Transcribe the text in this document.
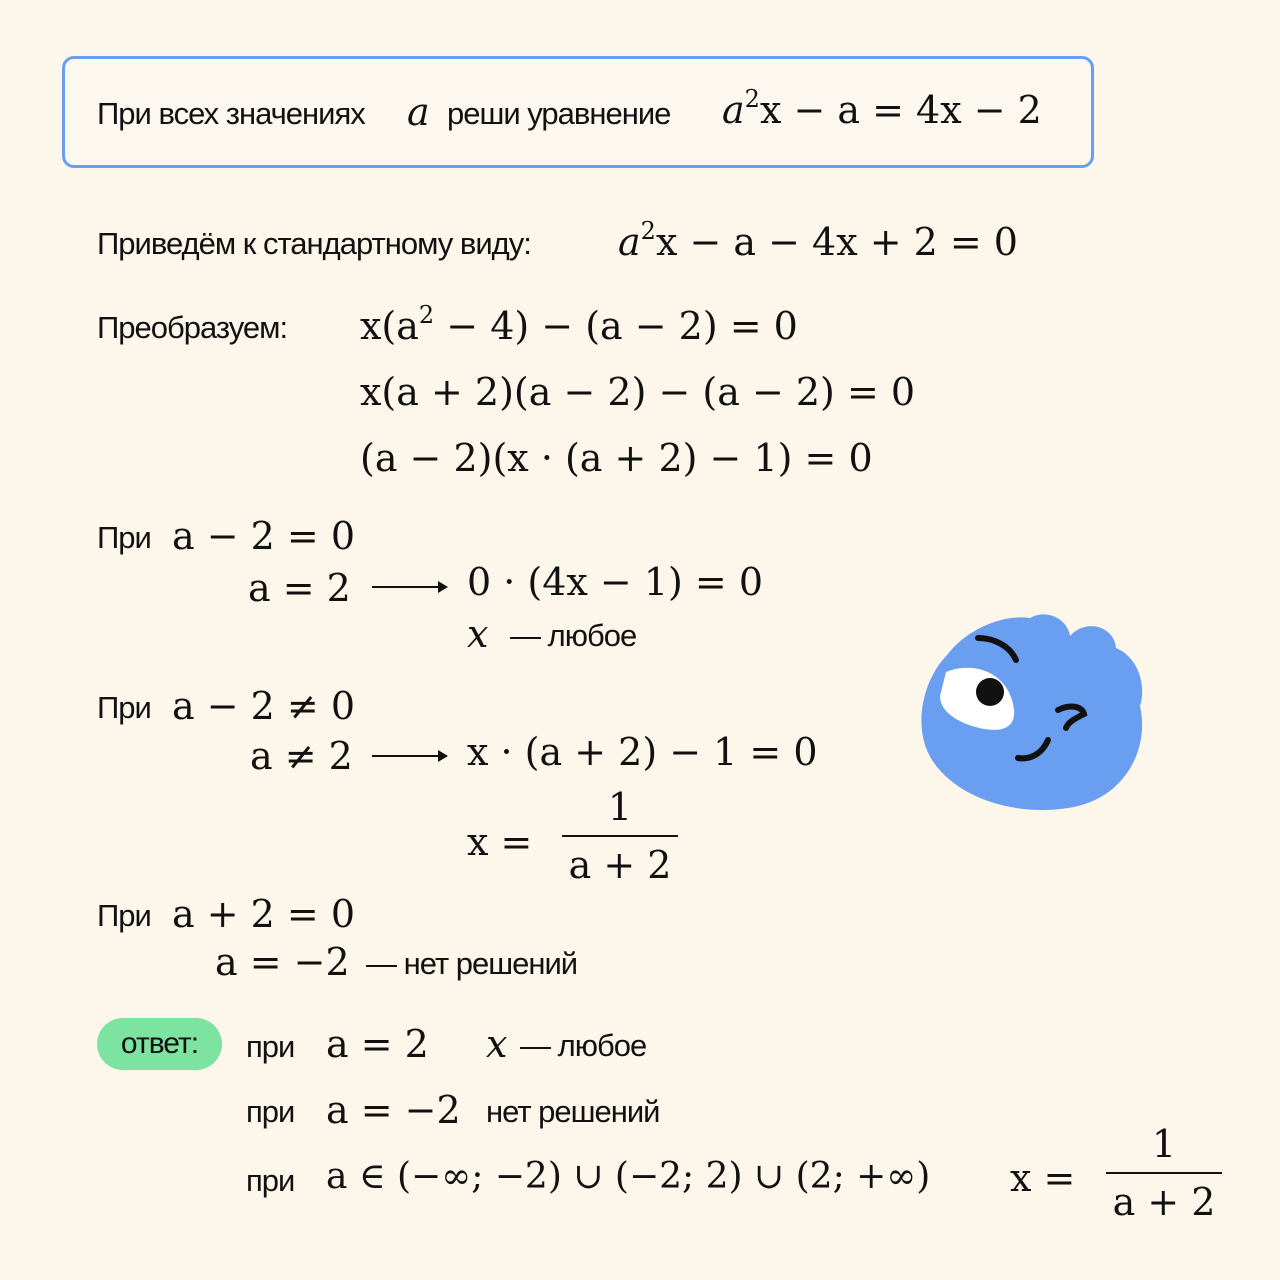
При всех значениях a реши уравнение $a^2x - a = 4x - 2$
Приведём к стандартному виду: $a^2x - a - 4x + 2 = 0$
Преобразуем: $x(a^2 - 4) - (a - 2) = 0$
x(a + 2)(a − 2) − (a − 2) = 0
(a − 2)(x · (a + 2) − 1) = 0
При a − 2 = 0
a = 2	0 · (4x − 1) = 0
x — любое
При a − 2 ≠ 0
a ≠ 2	x · (a + 2) − 1 = 0
x =
1
a + 2
При a + 2 = 0
a = −2 — нет решений
ответ:	при a = 2 x — любое
при a = −2 нет решений
при a ∈ (−∞; −2) ∪ (−2; 2) ∪ (2; +∞) x =
1
a + 2
